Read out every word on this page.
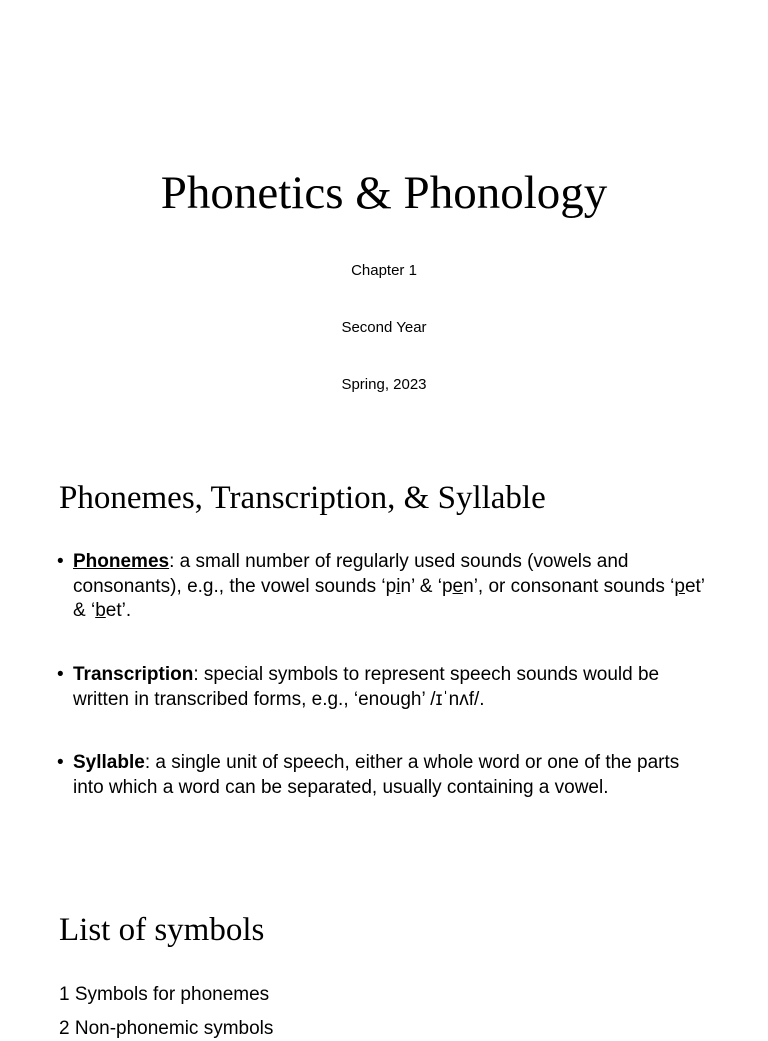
Phonetics & Phonology
Chapter 1
Second Year
Spring, 2023
Phonemes, Transcription, & Syllable
• Phonemes: a small number of regularly used sounds (vowels and consonants), e.g., the vowel sounds ‘pin’ & ‘pen’, or consonant sounds ‘pet’ & ‘bet’.
• Transcription: special symbols to represent speech sounds would be written in transcribed forms, e.g., ‘enough’ /ɪˈnʌf/.
• Syllable: a single unit of speech, either a whole word or one of the parts into which a word can be separated, usually containing a vowel.
List of symbols
1 Symbols for phonemes
2 Non-phonemic symbols
